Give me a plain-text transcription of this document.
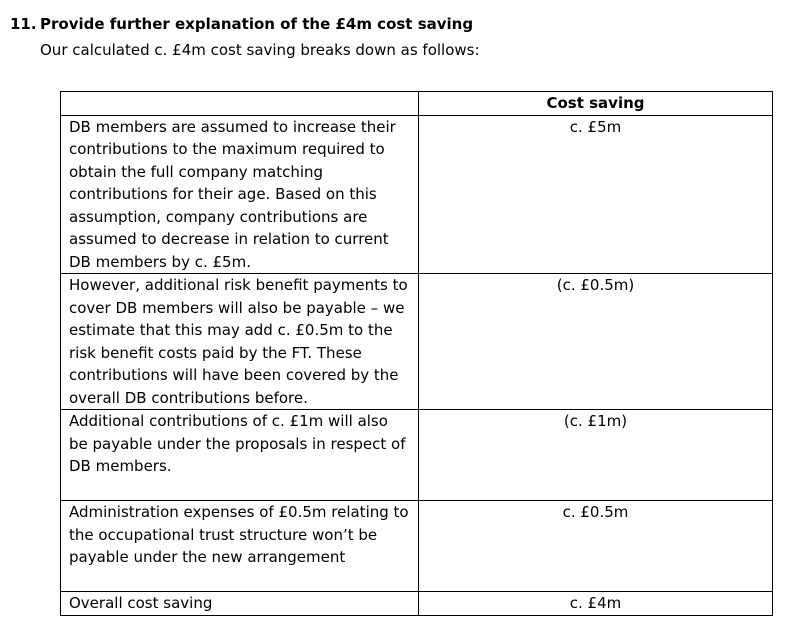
11. Provide further explanation of the £4m cost saving
Our calculated c. £4m cost saving breaks down as follows:
	Cost saving
DB members are assumed to increase their contributions to the maximum required to obtain the full company matching contributions for their age. Based on this assumption, company contributions are assumed to decrease in relation to current DB members by c. £5m.	c. £5m
However, additional risk benefit payments to cover DB members will also be payable – we estimate that this may add c. £0.5m to the risk benefit costs paid by the FT. These contributions will have been covered by the overall DB contributions before.	(c. £0.5m)
Additional contributions of c. £1m will also be payable under the proposals in respect of DB members.	(c. £1m)
Administration expenses of £0.5m relating to the occupational trust structure won’t be payable under the new arrangement	c. £0.5m
Overall cost saving	c. £4m
